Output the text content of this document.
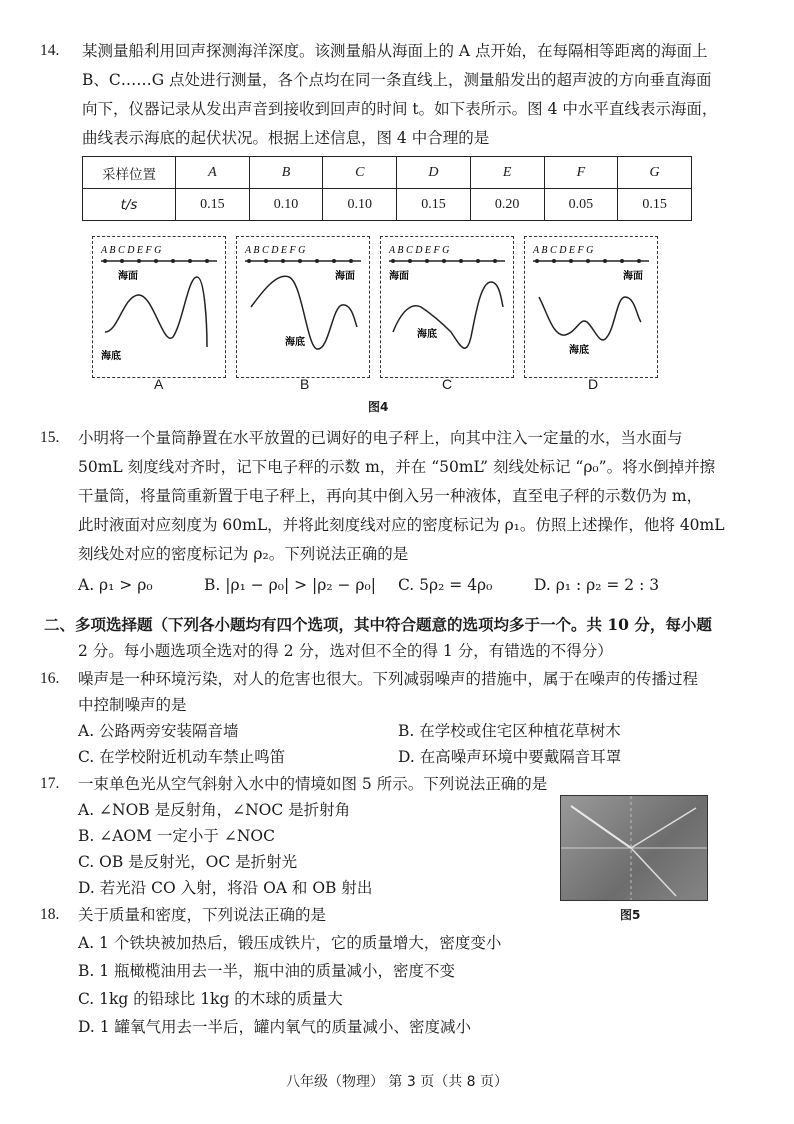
14. 某测量船利用回声探测海洋深度。该测量船从海面上的 A 点开始，在每隔相等距离的海面上
B、C……G 点处进行测量，各个点均在同一条直线上，测量船发出的超声波的方向垂直海面
向下，仪器记录从发出声音到接收到回声的时间 t。如下表所示。图 4 中水平直线表示海面，
曲线表示海底的起伏状况。根据上述信息，图 4 中合理的是
采样位置	A	B	C	D	E	F	G
t/s	0.15	0.10	0.10	0.15	0.20	0.05	0.15
A B C D E F G
海面
海底
A
A B C D E F G
海面
海底
B
A B C D E F G
海面
海底
C
A B C D E F G
海面
海底
D
图4
15. 小明将一个量筒静置在水平放置的已调好的电子秤上，向其中注入一定量的水，当水面与
50mL 刻度线对齐时，记下电子秤的示数 m，并在 “50mL” 刻线处标记 “ρ₀”。将水倒掉并擦
干量筒，将量筒重新置于电子秤上，再向其中倒入另一种液体，直至电子秤的示数仍为 m，
此时液面对应刻度为 60mL，并将此刻度线对应的密度标记为 ρ₁。仿照上述操作，他将 40mL
刻线处对应的密度标记为 ρ₂。下列说法正确的是
A. ρ₁ > ρ₀	B. |ρ₁ − ρ₀| > |ρ₂ − ρ₀| C. 5ρ₂ = 4ρ₀	D. ρ₁ : ρ₂ = 2 : 3
二、多项选择题（下列各小题均有四个选项，其中符合题意的选项均多于一个。共 10 分，每小题
2 分。每小题选项全选对的得 2 分，选对但不全的得 1 分，有错选的不得分）
16. 噪声是一种环境污染，对人的危害也很大。下列减弱噪声的措施中，属于在噪声的传播过程
中控制噪声的是
A. 公路两旁安装隔音墙	B. 在学校或住宅区种植花草树木
C. 在学校附近机动车禁止鸣笛	D. 在高噪声环境中要戴隔音耳罩
17. 一束单色光从空气斜射入水中的情境如图 5 所示。下列说法正确的是
A. ∠NOB 是反射角，∠NOC 是折射角
B. ∠AOM 一定小于 ∠NOC
C. OB 是反射光，OC 是折射光
D. 若光沿 CO 入射，将沿 OA 和 OB 射出
图5
18. 关于质量和密度，下列说法正确的是
A. 1 个铁块被加热后，锻压成铁片，它的质量增大，密度变小
B. 1 瓶橄榄油用去一半，瓶中油的质量减小，密度不变
C. 1kg 的铅球比 1kg 的木球的质量大
D. 1 罐氧气用去一半后，罐内氧气的质量减小、密度减小
八年级（物理） 第 3 页（共 8 页）
